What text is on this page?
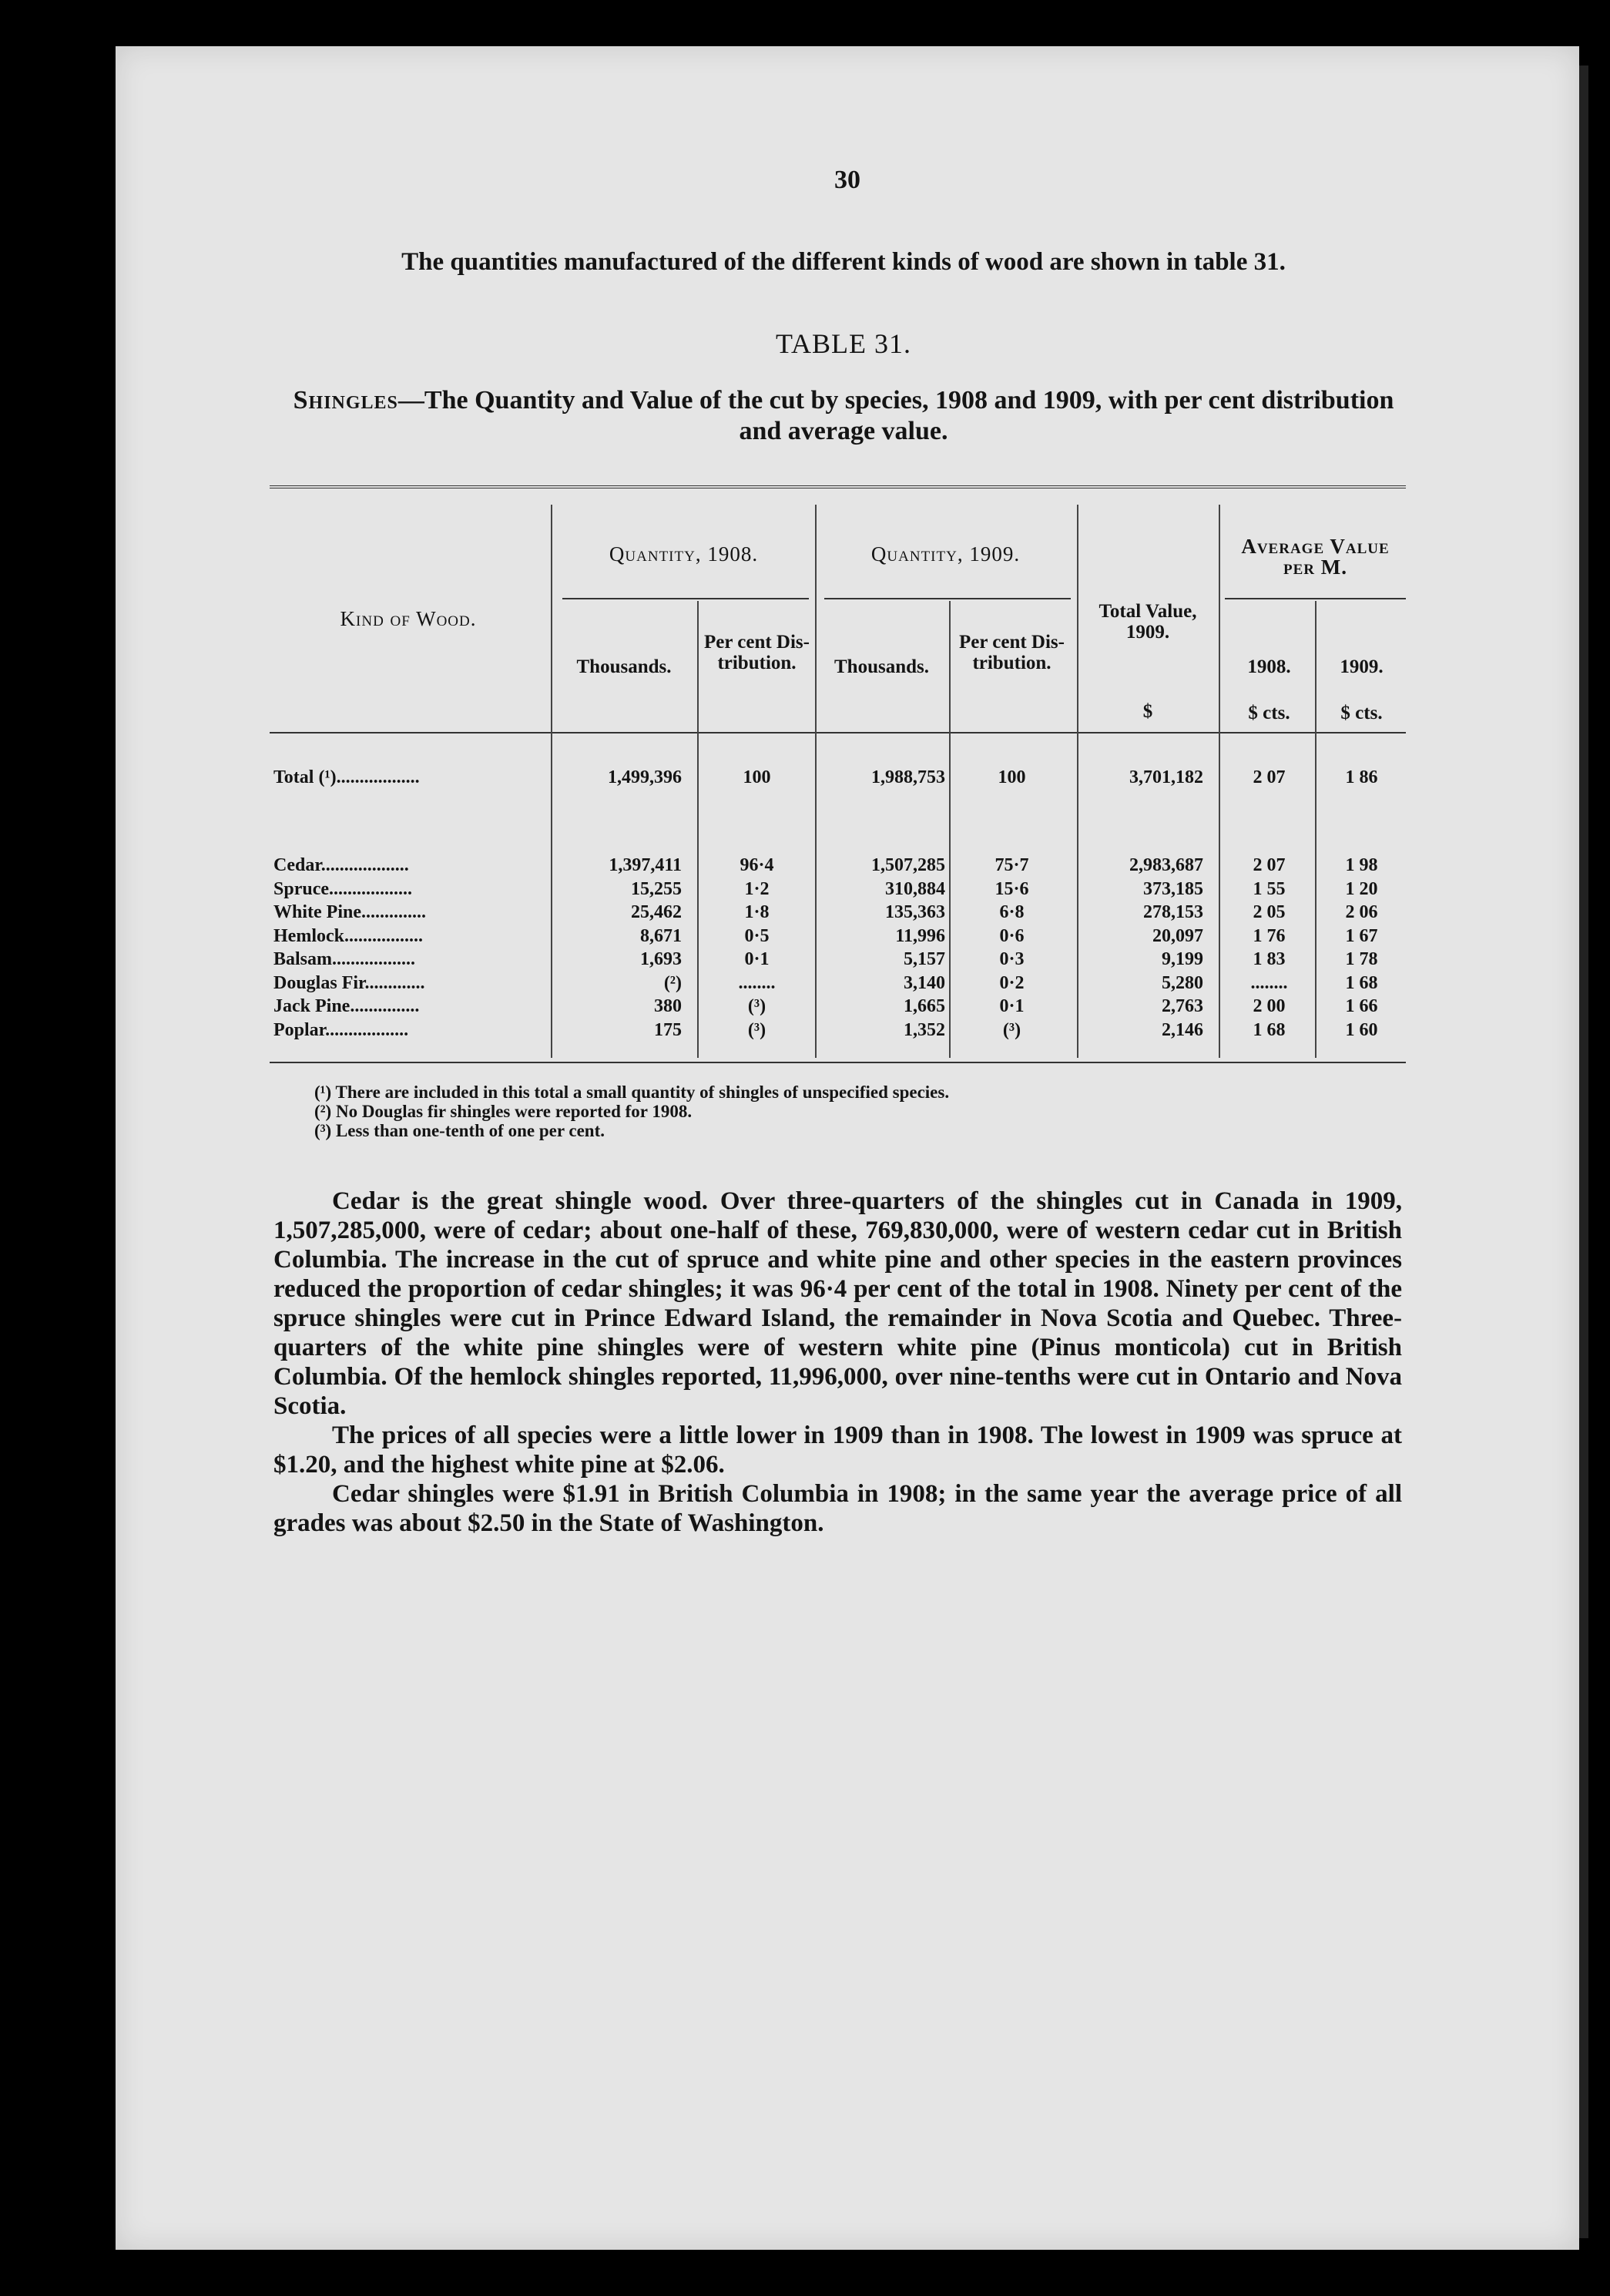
30
The quantities manufactured of the different kinds of wood are shown in table 31.
TABLE 31.
Shingles—The Quantity and Value of the cut by species, 1908 and 1909, with per cent distribution and average value.
Kind of Wood.
Quantity, 1908.	Quantity, 1909.
Total Value, 1909.
Average Value per M.
Thousands.
Per cent Dis- tribution.	Thousands.
Per cent Dis- tribution.	1908.	1909.
$	$ cts.	$ cts.
Total (¹)..................	1,499,396	100	1,988,753	100	3,701,182	2 07	1 86
Cedar...................	1,397,411	96·4	1,507,285	75·7	2,983,687	2 07	1 98
Spruce..................	15,255	1·2	310,884	15·6	373,185	1 55	1 20
White Pine..............	25,462	1·8	135,363	6·8	278,153	2 05	2 06
Hemlock.................	8,671	0·5	11,996	0·6	20,097	1 76	1 67
Balsam..................	1,693	0·1	5,157	0·3	9,199	1 83	1 78
Douglas Fir.............	(²)	........	3,140	0·2	5,280	........	1 68
Jack Pine...............	380	(³)	1,665	0·1	2,763	2 00	1 66
Poplar..................	175	(³)	1,352	(³)	2,146	1 68	1 60
(¹) There are included in this total a small quantity of shingles of unspecified species.
(²) No Douglas fir shingles were reported for 1908.
(³) Less than one-tenth of one per cent.

Cedar is the great shingle wood. Over three-quarters of the shingles cut in Canada in 1909, 1,507,285,000, were of cedar; about one-half of these, 769,830,000, were of western cedar cut in British Columbia. The increase in the cut of spruce and white pine and other species in the eastern provinces reduced the proportion of cedar shingles; it was 96·4 per cent of the total in 1908. Ninety per cent of the spruce shingles were cut in Prince Edward Island, the remainder in Nova Scotia and Quebec. Three-quarters of the white pine shingles were of western white pine (Pinus monticola) cut in British Columbia. Of the hemlock shingles reported, 11,996,000, over nine-tenths were cut in Ontario and Nova Scotia.

The prices of all species were a little lower in 1909 than in 1908. The lowest in 1909 was spruce at $1.20, and the highest white pine at $2.06.

Cedar shingles were $1.91 in British Columbia in 1908; in the same year the average price of all grades was about $2.50 in the State of Washington.
